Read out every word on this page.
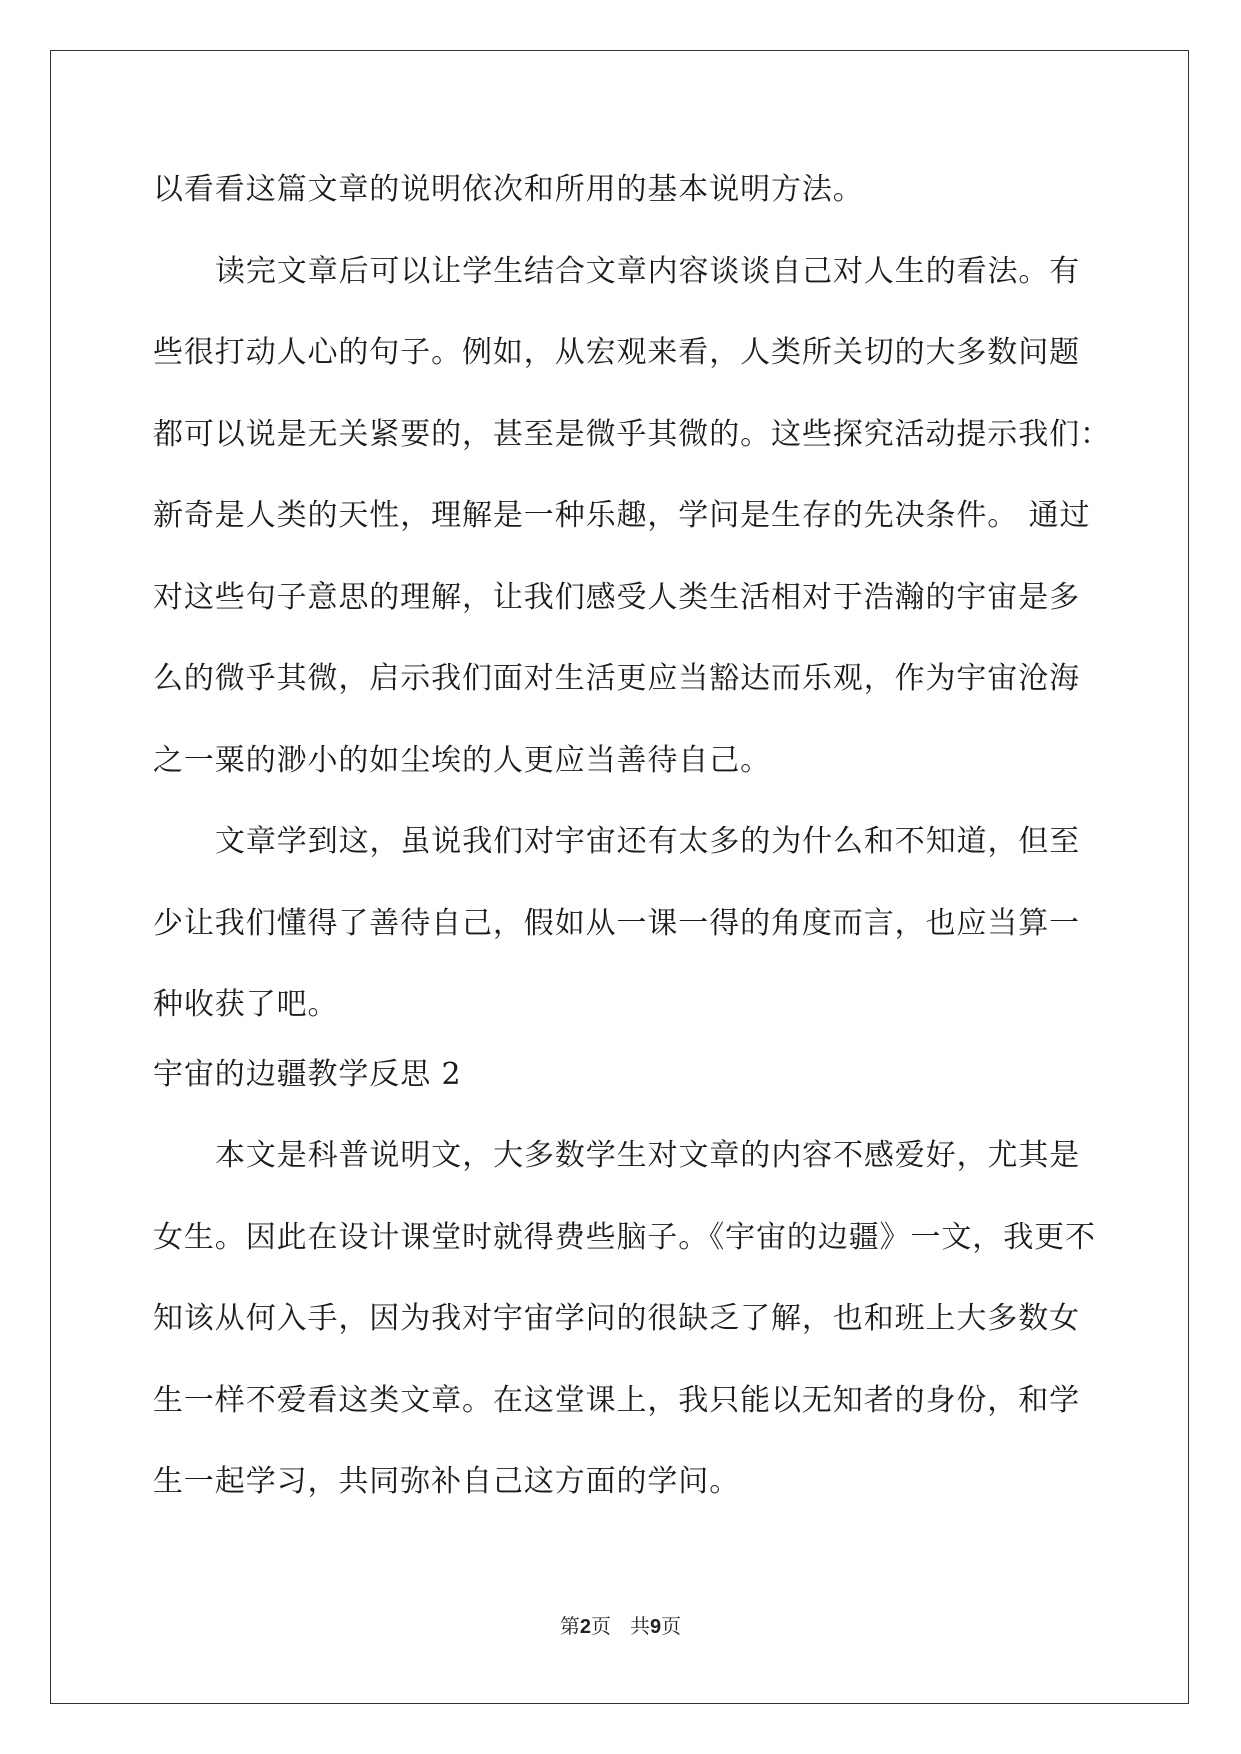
以看看这篇文章的说明依次和所用的基本说明方法。

读完文章后可以让学生结合文章内容谈谈自己对人生的看法。有

些很打动人心的句子。例如，从宏观来看，人类所关切的大多数问题

都可以说是无关紧要的，甚至是微乎其微的。这些探究活动提示我们：

新奇是人类的天性，理解是一种乐趣，学问是生存的先决条件。 通过

对这些句子意思的理解，让我们感受人类生活相对于浩瀚的宇宙是多

么的微乎其微，启示我们面对生活更应当豁达而乐观，作为宇宙沧海

之一粟的渺小的如尘埃的人更应当善待自己。

文章学到这，虽说我们对宇宙还有太多的为什么和不知道，但至

少让我们懂得了善待自己，假如从一课一得的角度而言，也应当算一

种收获了吧。

宇宙的边疆教学反思 2

本文是科普说明文，大多数学生对文章的内容不感爱好，尤其是

女生。因此在设计课堂时就得费些脑子。《宇宙的边疆》一文，我更不

知该从何入手，因为我对宇宙学问的很缺乏了解，也和班上大多数女

生一样不爱看这类文章。在这堂课上，我只能以无知者的身份，和学

生一起学习，共同弥补自己这方面的学问。

第2页   共9页
